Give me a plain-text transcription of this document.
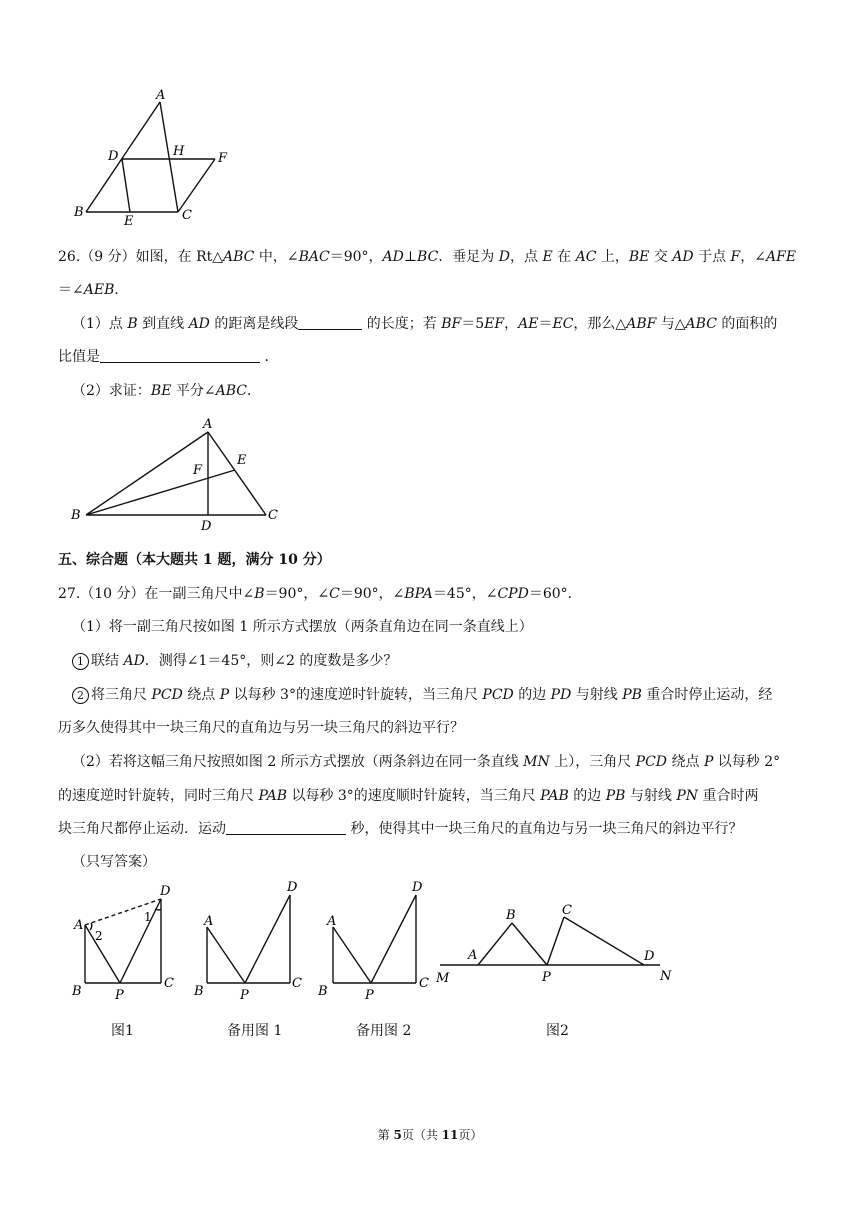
A
B	C
D
E
F
H
26.（9 分）如图，在 Rt△ABC 中，∠BAC＝90°，AD⊥BC．垂足为 D，点 E 在 AC 上，BE 交 AD 于点 F，∠AFE
＝∠AEB．
（1）点 B 到直线 AD 的距离是线段	的长度；若 BF＝5EF，AE＝EC，那么△ABF 与△ABC 的面积的
比值是	．
（2）求证：BE 平分∠ABC．
A
B	C
D
E
F
五、综合题（本大题共 1 题，满分 10 分）
27.（10 分）在一副三角尺中∠B＝90°，∠C＝90°，∠BPA＝45°，∠CPD＝60°．
（1）将一副三角尺按如图 1 所示方式摆放（两条直角边在同一条直线上）
1 联结 AD．测得∠1＝45°，则∠2 的度数是多少？
2 将三角尺 PCD 绕点 P 以每秒 3°的速度逆时针旋转，当三角尺 PCD 的边 PD 与射线 PB 重合时停止运动，经
历多久使得其中一块三角尺的直角边与另一块三角尺的斜边平行？
（2）若将这幅三角尺按照如图 2 所示方式摆放（两条斜边在同一条直线 MN 上），三角尺 PCD 绕点 P 以每秒 2°
的速度逆时针旋转，同时三角尺 PAB 以每秒 3°的速度顺时针旋转，当三角尺 PAB 的边 PB 与射线 PN 重合时两
块三角尺都停止运动．运动	秒，使得其中一块三角尺的直角边与另一块三角尺的斜边平行？
（只写答案）
A
D
B
C
P
2
1	A
D
B
C
P
A
D
B
C
P
A
B	C
D
P
M	N
图1	备用图 1	备用图 2	图2
第 5页（共 11页）
